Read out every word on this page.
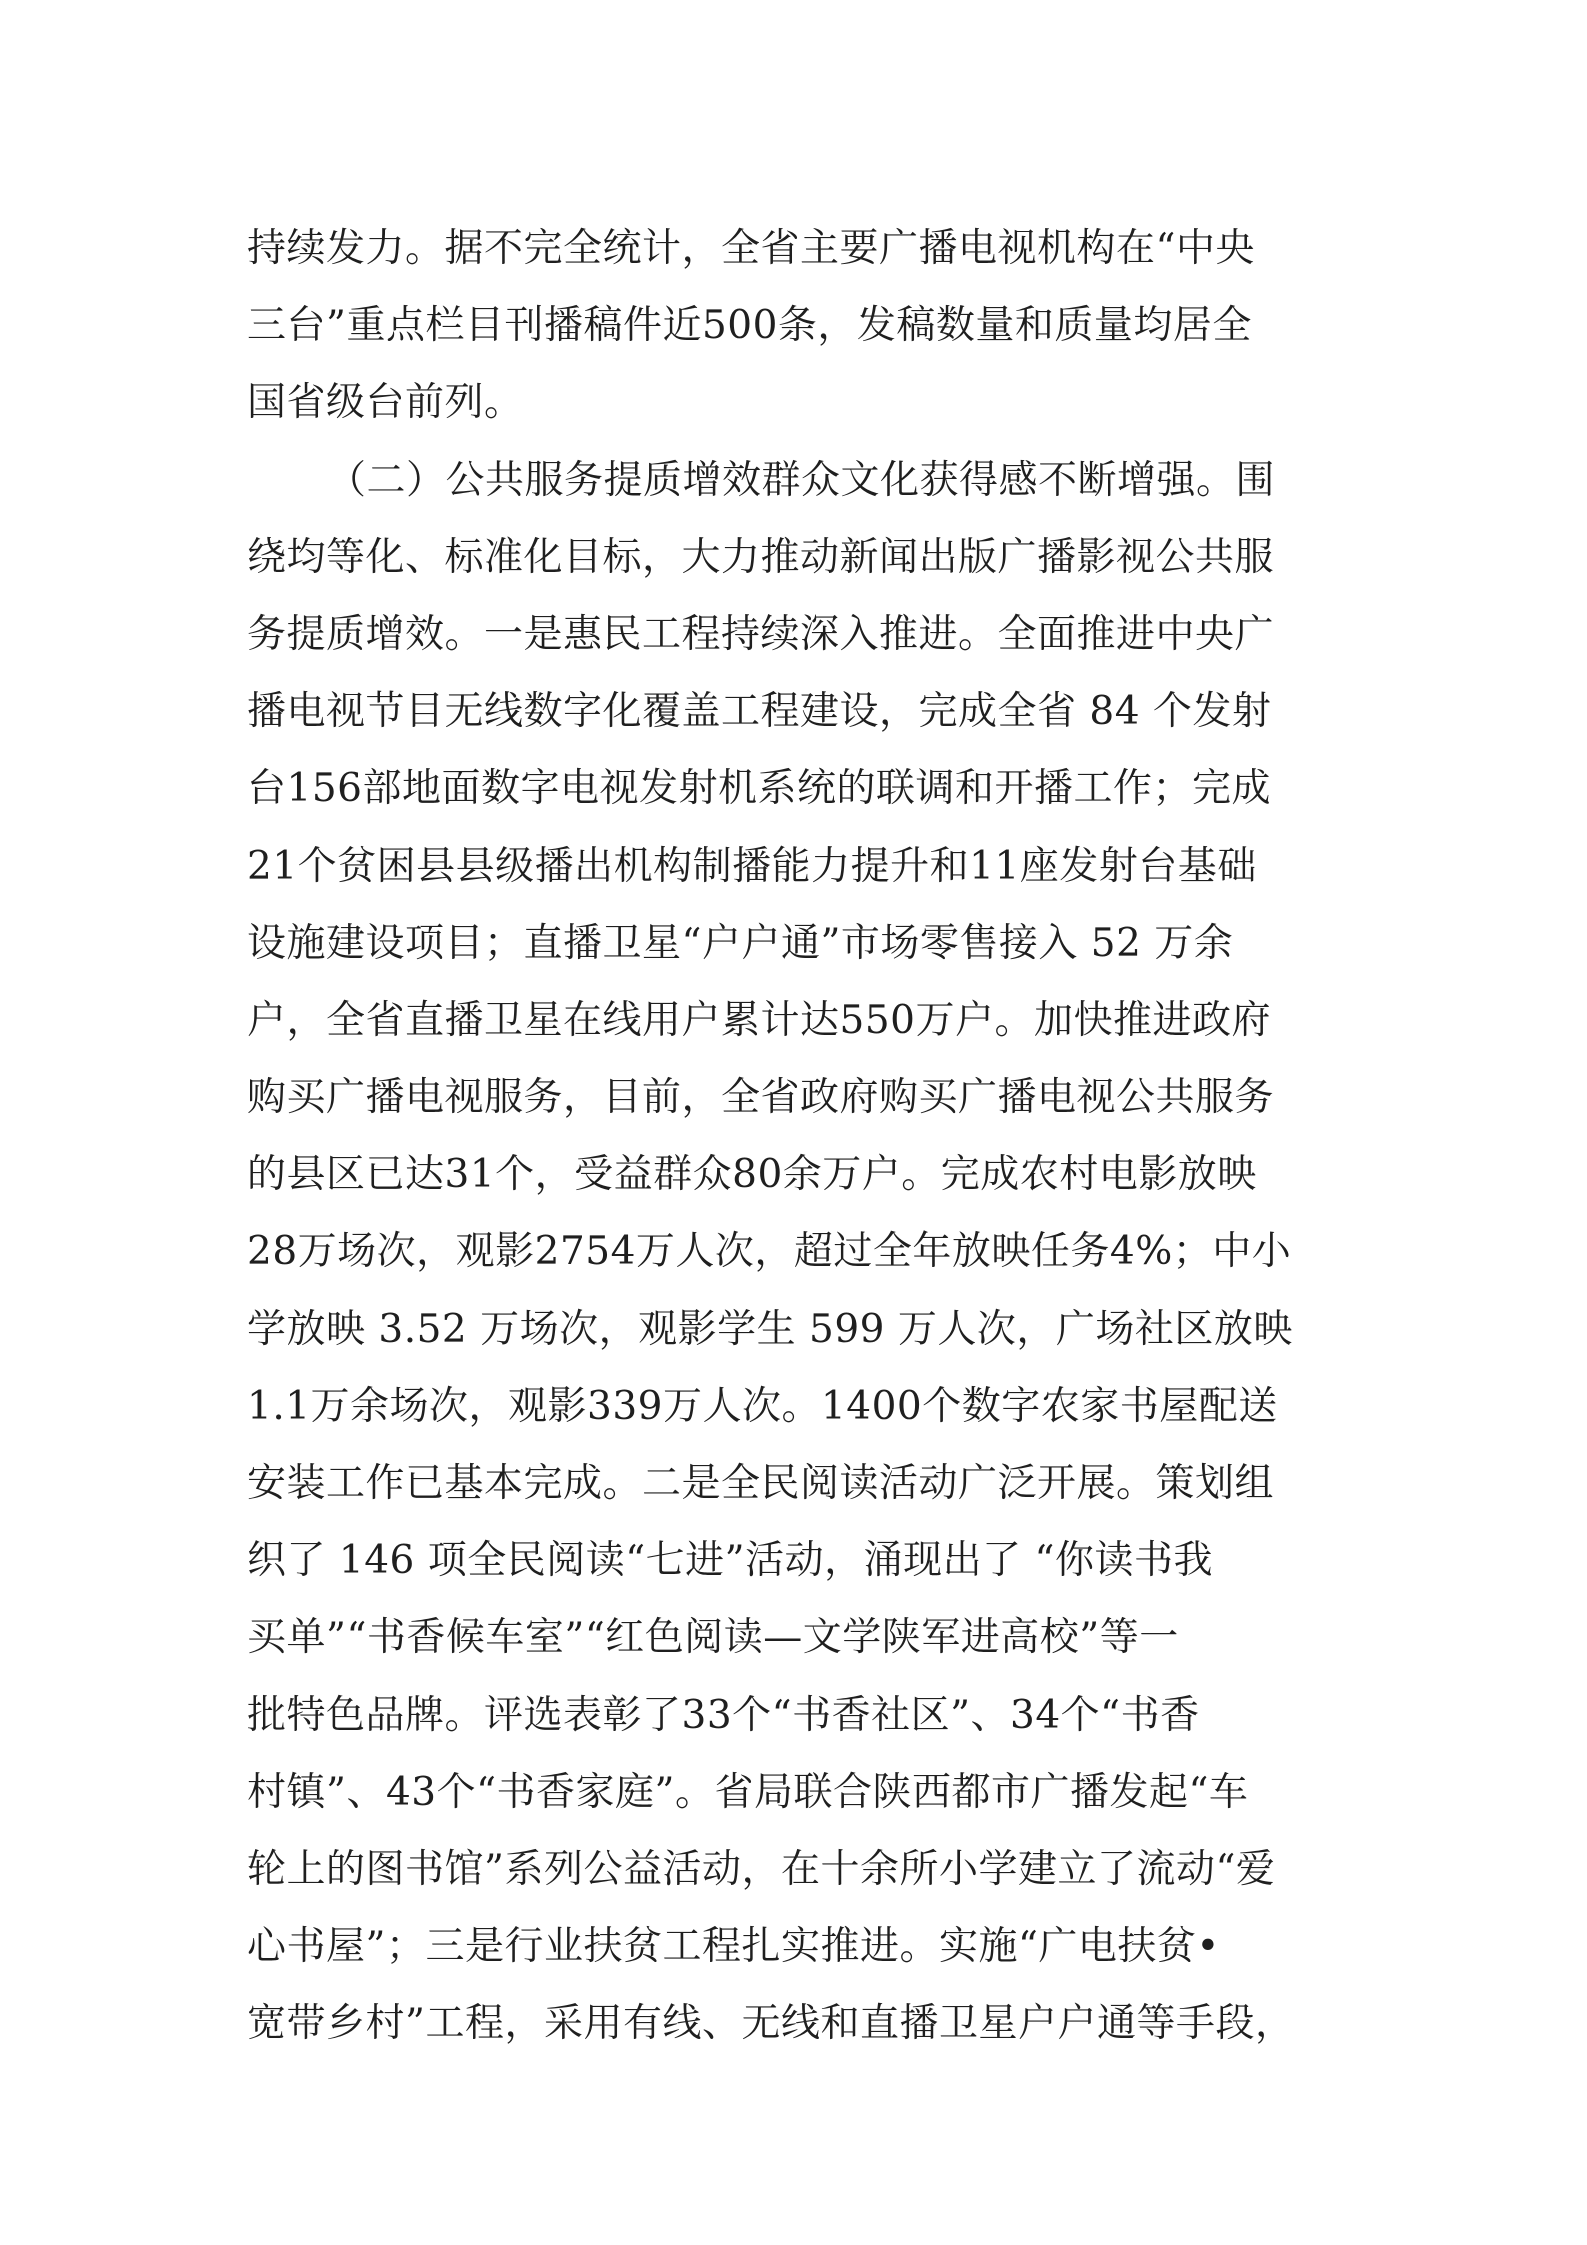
持续发力。据不完全统计，全省主要广播电视机构在“中央
三台”重点栏目刊播稿件近500条，发稿数量和质量均居全
国省级台前列。
（二）公共服务提质增效群众文化获得感不断增强。围
绕均等化、标准化目标，大力推动新闻出版广播影视公共服
务提质增效。一是惠民工程持续深入推进。全面推进中央广
播电视节目无线数字化覆盖工程建设，完成全省 84 个发射
台156部地面数字电视发射机系统的联调和开播工作；完成
21个贫困县县级播出机构制播能力提升和11座发射台基础
设施建设项目；直播卫星“户户通”市场零售接入 52 万余
户，全省直播卫星在线用户累计达550万户。加快推进政府
购买广播电视服务，目前，全省政府购买广播电视公共服务
的县区已达31个，受益群众80余万户。完成农村电影放映
28万场次，观影2754万人次，超过全年放映任务4%；中小
学放映 3.52 万场次，观影学生 599 万人次，广场社区放映
1.1万余场次，观影339万人次。1400个数字农家书屋配送
安装工作已基本完成。二是全民阅读活动广泛开展。策划组
织了 146 项全民阅读“七进”活动，涌现出了 “你读书我
买单”“书香候车室”“红色阅读—文学陕军进高校”等一
批特色品牌。评选表彰了33个“书香社区”、34个“书香
村镇”、43个“书香家庭”。省局联合陕西都市广播发起“车
轮上的图书馆”系列公益活动，在十余所小学建立了流动“爱
心书屋”；三是行业扶贫工程扎实推进。实施“广电扶贫•
宽带乡村”工程，采用有线、无线和直播卫星户户通等手段，
